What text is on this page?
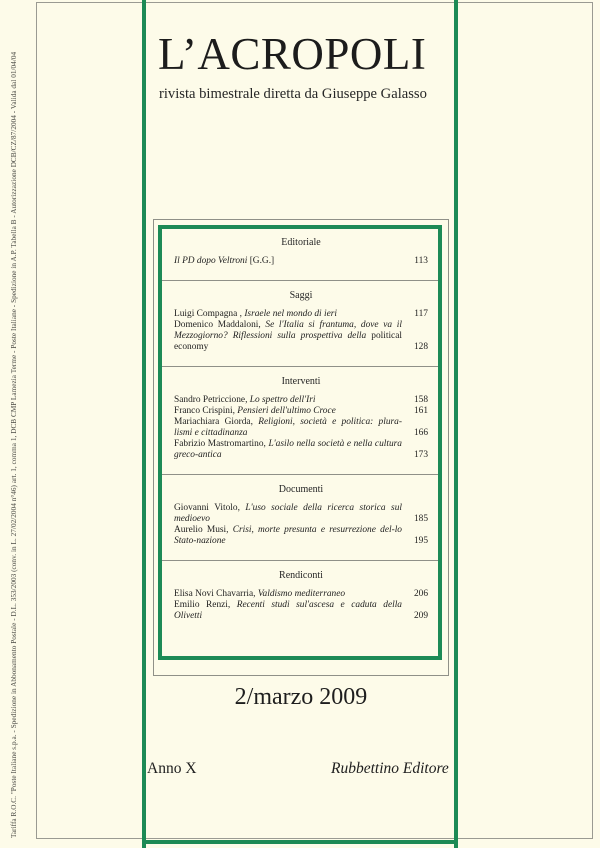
Tariffa R.O.C. "Poste Italiane s.p.a. - Spedizione in Abbonamento Postale - D.L. 353/2003 (conv. in L. 27/02/2004 n°46) art. 1, comma 1, DCB CMP Lamezia Terme - Poste Italiane - Spedizione in A.P. Tabella B - Autorizzazione DCB/CZ/87/2004 - Valida dal 01/04/04	L’ACROPOLI
rivista bimestrale diretta da Giuseppe Galasso
Editoriale
Il PD dopo Veltroni [G.G.]	113
Saggi
Luigi Compagna , Israele nel mondo di ieri	117
Domenico Maddaloni, Se l'Italia si frantuma, dove va il Mezzogiorno? Riflessioni sulla prospettiva della political economy	128
Interventi
Sandro Petriccione, Lo spettro dell'Iri	158
Franco Crispini, Pensieri dell'ultimo Croce	161
Mariachiara Giorda, Religioni, società e politica: plura-lismi e cittadinanza	166
Fabrizio Mastromartino, L'asilo nella società e nella cultura greco-antica	173
Documenti
Giovanni Vitolo, L'uso sociale della ricerca storica sul medioevo	185
Aurelio Musi, Crisi, morte presunta e resurrezione del-lo Stato-nazione	195
Rendiconti
Elisa Novi Chavarria, Valdismo mediterraneo	206
Emilio Renzi, Recenti studi sul'ascesa e caduta della Olivetti	209
2/marzo 2009
Anno X	Rubbettino Editore
